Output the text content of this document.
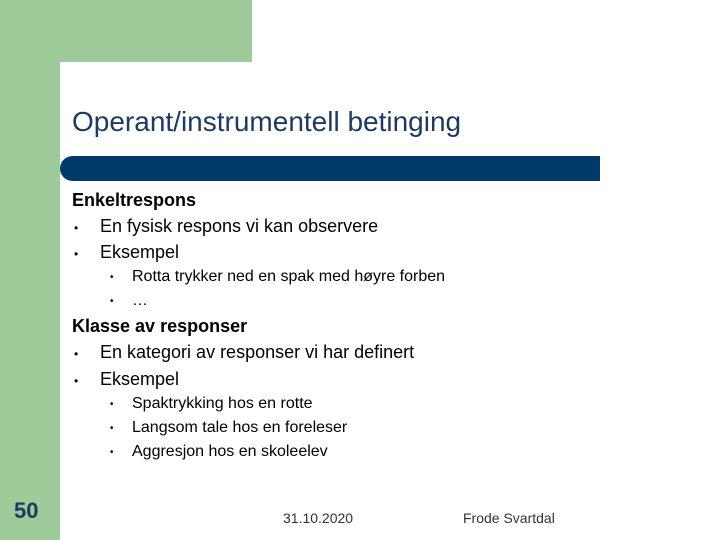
Operant/instrumentell betinging
Enkeltrespons
• En fysisk respons vi kan observere
• Eksempel
• Rotta trykker ned en spak med høyre forben
• …
Klasse av responser
• En kategori av responser vi har definert
• Eksempel
• Spaktrykking hos en rotte
• Langsom tale hos en foreleser
• Aggresjon hos en skoleelev
50	31.10.2020	Frode Svartdal
